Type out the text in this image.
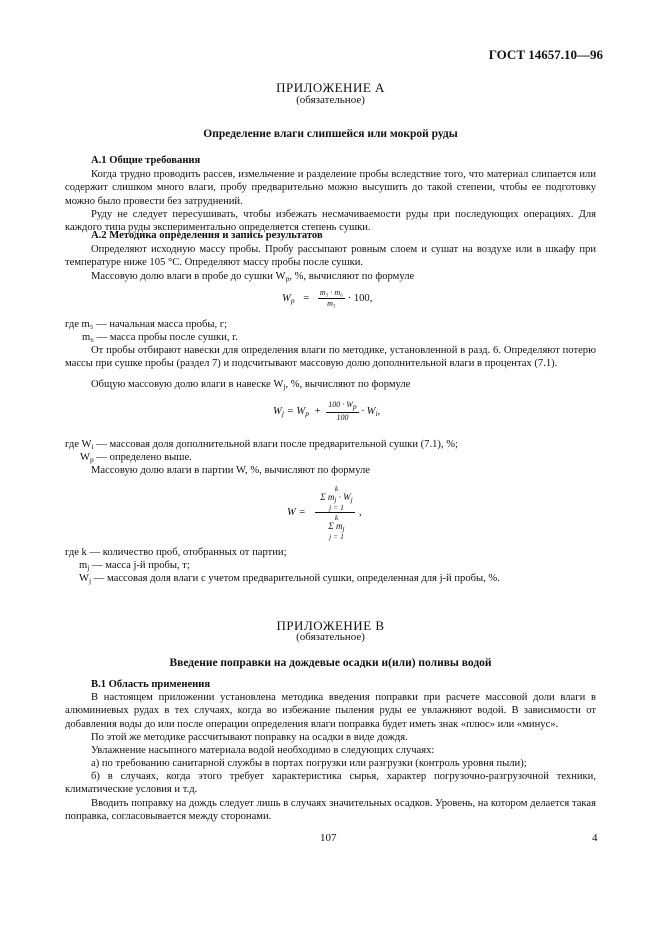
ГОСТ 14657.10—96
ПРИЛОЖЕНИЕ А
(обязательное)
Определение влаги слипшейся или мокрой руды
А.1 Общие требования
Когда трудно проводить рассев, измельчение и разделение пробы вследствие того, что материал слипается или содержит слишком много влаги, пробу предварительно можно высушить до такой степени, чтобы ее подготовку можно было провести без затруднений.
Руду не следует пересушивать, чтобы избежать несмачиваемости руды при последующих операциях. Для каждого типа руды экспериментально определяется степень сушки.
А.2 Методика определения и запись результатов
Определяют исходную массу пробы. Пробу рассыпают ровным слоем и сушат на воздухе или в шкафу при температуре ниже 105 °С. Определяют массу пробы после сушки.
Массовую долю влаги в пробе до сушки $W_p$, %, вычисляют по формуле
$W_p = \frac{\text{m₅ · m₆}}{\text{m₅}} \cdot 100$,
где m₅ — начальная масса пробы, г;
m₆ — масса пробы после сушки, г.
От пробы отбирают навески для определения влаги по методике, установленной в разд. 6. Определяют потерю массы при сушке пробы (раздел 7) и подсчитывают массовую долю дополнительной влаги в процентах (7.1).
Общую массовую долю влаги в навеске $W_j$, %, вычисляют по формуле
$W_j = W_p + \frac{100 \cdot Wp}{100} \cdot W_i$,
где $W_i$ — массовая доля дополнительной влаги после предварительной сушки (7.1), %;
$W_p$ — определено выше.
Массовую долю влаги в партии W, %, вычисляют по формуле
W =
k
Σ $m_j \cdot W_j$
j = 1
k
Σ $m_j$
j = 1
,
где k — количество проб, отобранных от партии;
$m_j$ — масса j-й пробы, т;
$W_j$ — массовая доля влаги с учетом предварительной сушки, определенная для j-й пробы, %.
ПРИЛОЖЕНИЕ В
(обязательное)
Введение поправки на дождевые осадки и(или) поливы водой
В.1 Область применения
В настоящем приложении установлена методика введения поправки при расчете массовой доли влаги в алюминиевых рудах в тех случаях, когда во избежание пыления руды ее увлажняют водой. В зависимости от добавления воды до или после операции определения влаги поправка будет иметь знак «плюс» или «минус».
По этой же методике рассчитывают поправку на осадки в виде дождя.
Увлажнение насыпного материала водой необходимо в следующих случаях:
а) по требованию санитарной службы в портах погрузки или разгрузки (контроль уровня пыли);
б) в случаях, когда этого требует характеристика сырья, характер погрузочно-разгрузочной техники, климатические условия и т.д.
Вводить поправку на дождь следует лишь в случаях значительных осадков. Уровень, на котором делается такая поправка, согласовывается между сторонами.
107	4
